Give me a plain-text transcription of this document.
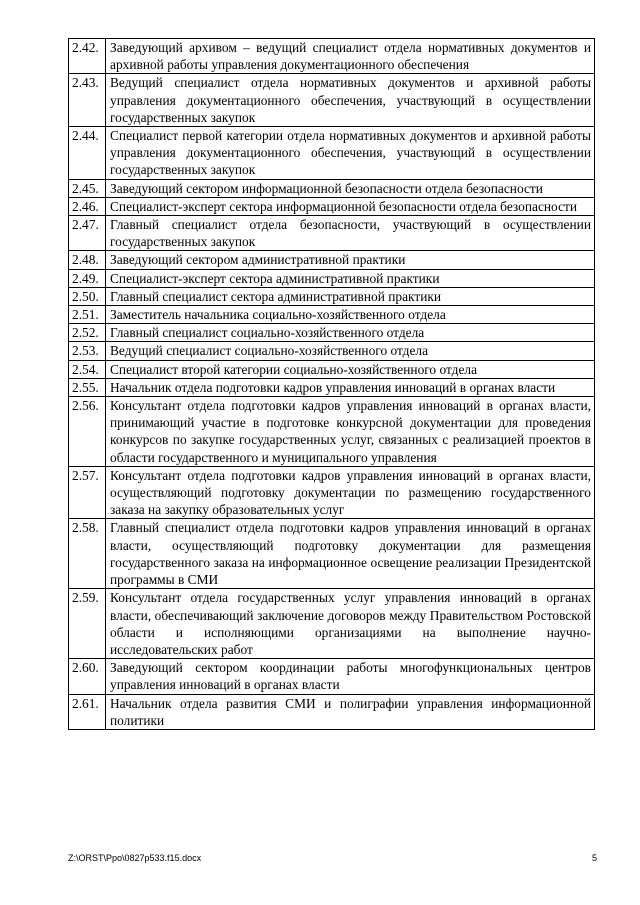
2.42.	Заведующий архивом – ведущий специалист отдела нормативных документов и архивной работы управления документационного обеспечения
2.43.	Ведущий специалист отдела нормативных документов и архивной работы управления документационного обеспечения, участвующий в осуществлении государственных закупок
2.44.	Специалист первой категории отдела нормативных документов и архивной работы управления документационного обеспечения, участвующий в осуществлении государственных закупок
2.45.	Заведующий сектором информационной безопасности отдела безопасности
2.46.	Специалист-эксперт сектора информационной безопасности отдела безопасности
2.47.	Главный специалист отдела безопасности, участвующий в осуществлении государственных закупок
2.48.	Заведующий сектором административной практики
2.49.	Специалист-эксперт сектора административной практики
2.50.	Главный специалист сектора административной практики
2.51.	Заместитель начальника социально-хозяйственного отдела
2.52.	Главный специалист социально-хозяйственного отдела
2.53.	Ведущий специалист социально-хозяйственного отдела
2.54.	Специалист второй категории социально-хозяйственного отдела
2.55.	Начальник отдела подготовки кадров управления инноваций в органах власти
2.56.	Консультант отдела подготовки кадров управления инноваций в органах власти, принимающий участие в подготовке конкурсной документации для проведения конкурсов по закупке государственных услуг, связанных с реализацией проектов в области государственного и муниципального управления
2.57.	Консультант отдела подготовки кадров управления инноваций в органах власти, осуществляющий подготовку документации по размещению государственного заказа на закупку образовательных услуг
2.58.	Главный специалист отдела подготовки кадров управления инноваций в органах власти, осуществляющий подготовку документации для размещения государственного заказа на информационное освещение реализации Президентской программы в СМИ
2.59.	Консультант отдела государственных услуг управления инноваций в органах власти, обеспечивающий заключение договоров между Правительством Ростовской области и исполняющими организациями на выполнение научно-исследовательских работ
2.60.	Заведующий сектором координации работы многофункциональных центров управления инноваций в органах власти
2.61.	Начальник отдела развития СМИ и полиграфии управления информационной политики
Z:\ORST\Ppo\0827p533.f15.docx	5
